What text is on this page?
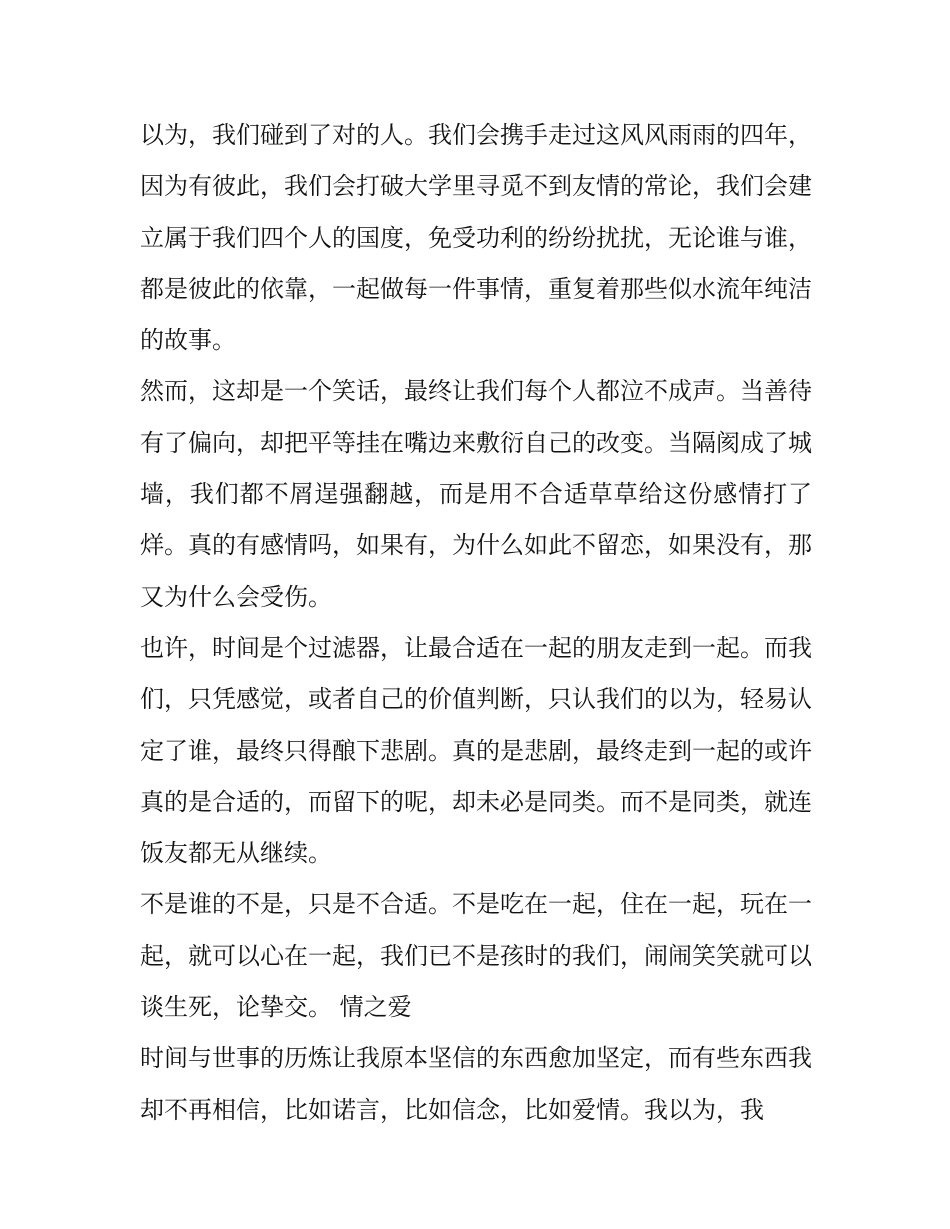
以为，我们碰到了对的人。我们会携手走过这风风雨雨的四年，因为有彼此，我们会打破大学里寻觅不到友情的常论，我们会建立属于我们四个人的国度，免受功利的纷纷扰扰，无论谁与谁，都是彼此的依靠，一起做每一件事情，重复着那些似水流年纯洁的故事。

然而，这却是一个笑话，最终让我们每个人都泣不成声。当善待有了偏向，却把平等挂在嘴边来敷衍自己的改变。当隔阂成了城墙，我们都不屑逞强翻越，而是用不合适草草给这份感情打了烊。真的有感情吗，如果有，为什么如此不留恋，如果没有，那又为什么会受伤。

也许，时间是个过滤器，让最合适在一起的朋友走到一起。而我们，只凭感觉，或者自己的价值判断，只认我们的以为，轻易认定了谁，最终只得酿下悲剧。真的是悲剧，最终走到一起的或许真的是合适的，而留下的呢，却未必是同类。而不是同类，就连饭友都无从继续。

不是谁的不是，只是不合适。不是吃在一起，住在一起，玩在一起，就可以心在一起，我们已不是孩时的我们，闹闹笑笑就可以谈生死，论挚交。 情之爱

时间与世事的历炼让我原本坚信的东西愈加坚定，而有些东西我却不再相信，比如诺言，比如信念，比如爱情。我以为，我
